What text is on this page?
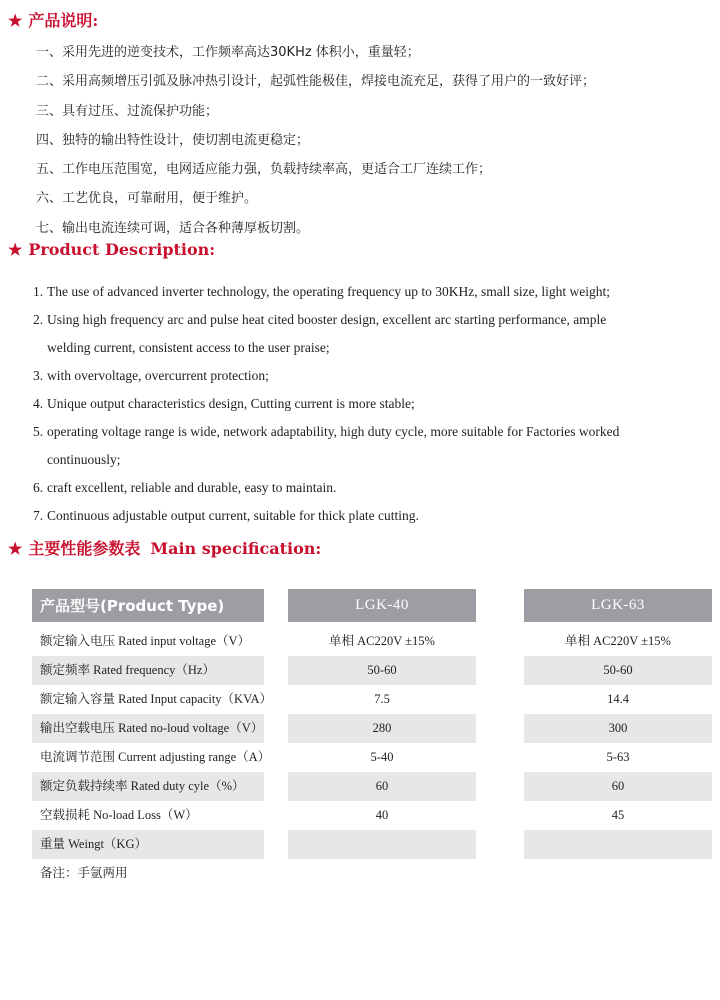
★ 产品说明:
一、采用先进的逆变技术，工作频率高达30KHz 体积小，重量轻；
二、采用高频增压引弧及脉冲热引设计，起弧性能极佳，焊接电流充足，获得了用户的一致好评；
三、具有过压、过流保护功能；
四、独特的输出特性设计，使切割电流更稳定；
五、工作电压范围宽，电网适应能力强，负载持续率高，更适合工厂连续工作；
六、工艺优良，可靠耐用，便于维护。
七、输出电流连续可调，适合各种薄厚板切割。
★ Product Description:
1. The use of advanced inverter technology, the operating frequency up to 30KHz, small size, light weight;
2. Using high frequency arc and pulse heat cited booster design, excellent arc starting performance, ample
welding current, consistent access to the user praise;
3. with overvoltage, overcurrent protection;
4. Unique output characteristics design, Cutting current is more stable;
5. operating voltage range is wide, network adaptability, high duty cycle, more suitable for Factories worked
continuously;
6. craft excellent, reliable and durable, easy to maintain.
7. Continuous adjustable output current, suitable for thick plate cutting.
★ 主要性能参数表 Main specification:
产品型号(Product Type)	LGK-40	LGK-63
额定输入电压 Rated input voltage（V）	单相 AC220V ±15%	单相 AC220V ±15%
额定频率 Rated frequency（Hz）	50-60	50-60
额定输入容量 Rated Input capacity（KVA）	7.5	14.4
输出空载电压 Rated no-loud voltage（V）	280	300
电流调节范围 Current adjusting range（A）	5-40	5-63
额定负载持续率 Rated duty cyle（%）	60	60
空载损耗 No-load Loss（W）	40	45
重量 Weingt（KG）

备注：手氩两用
